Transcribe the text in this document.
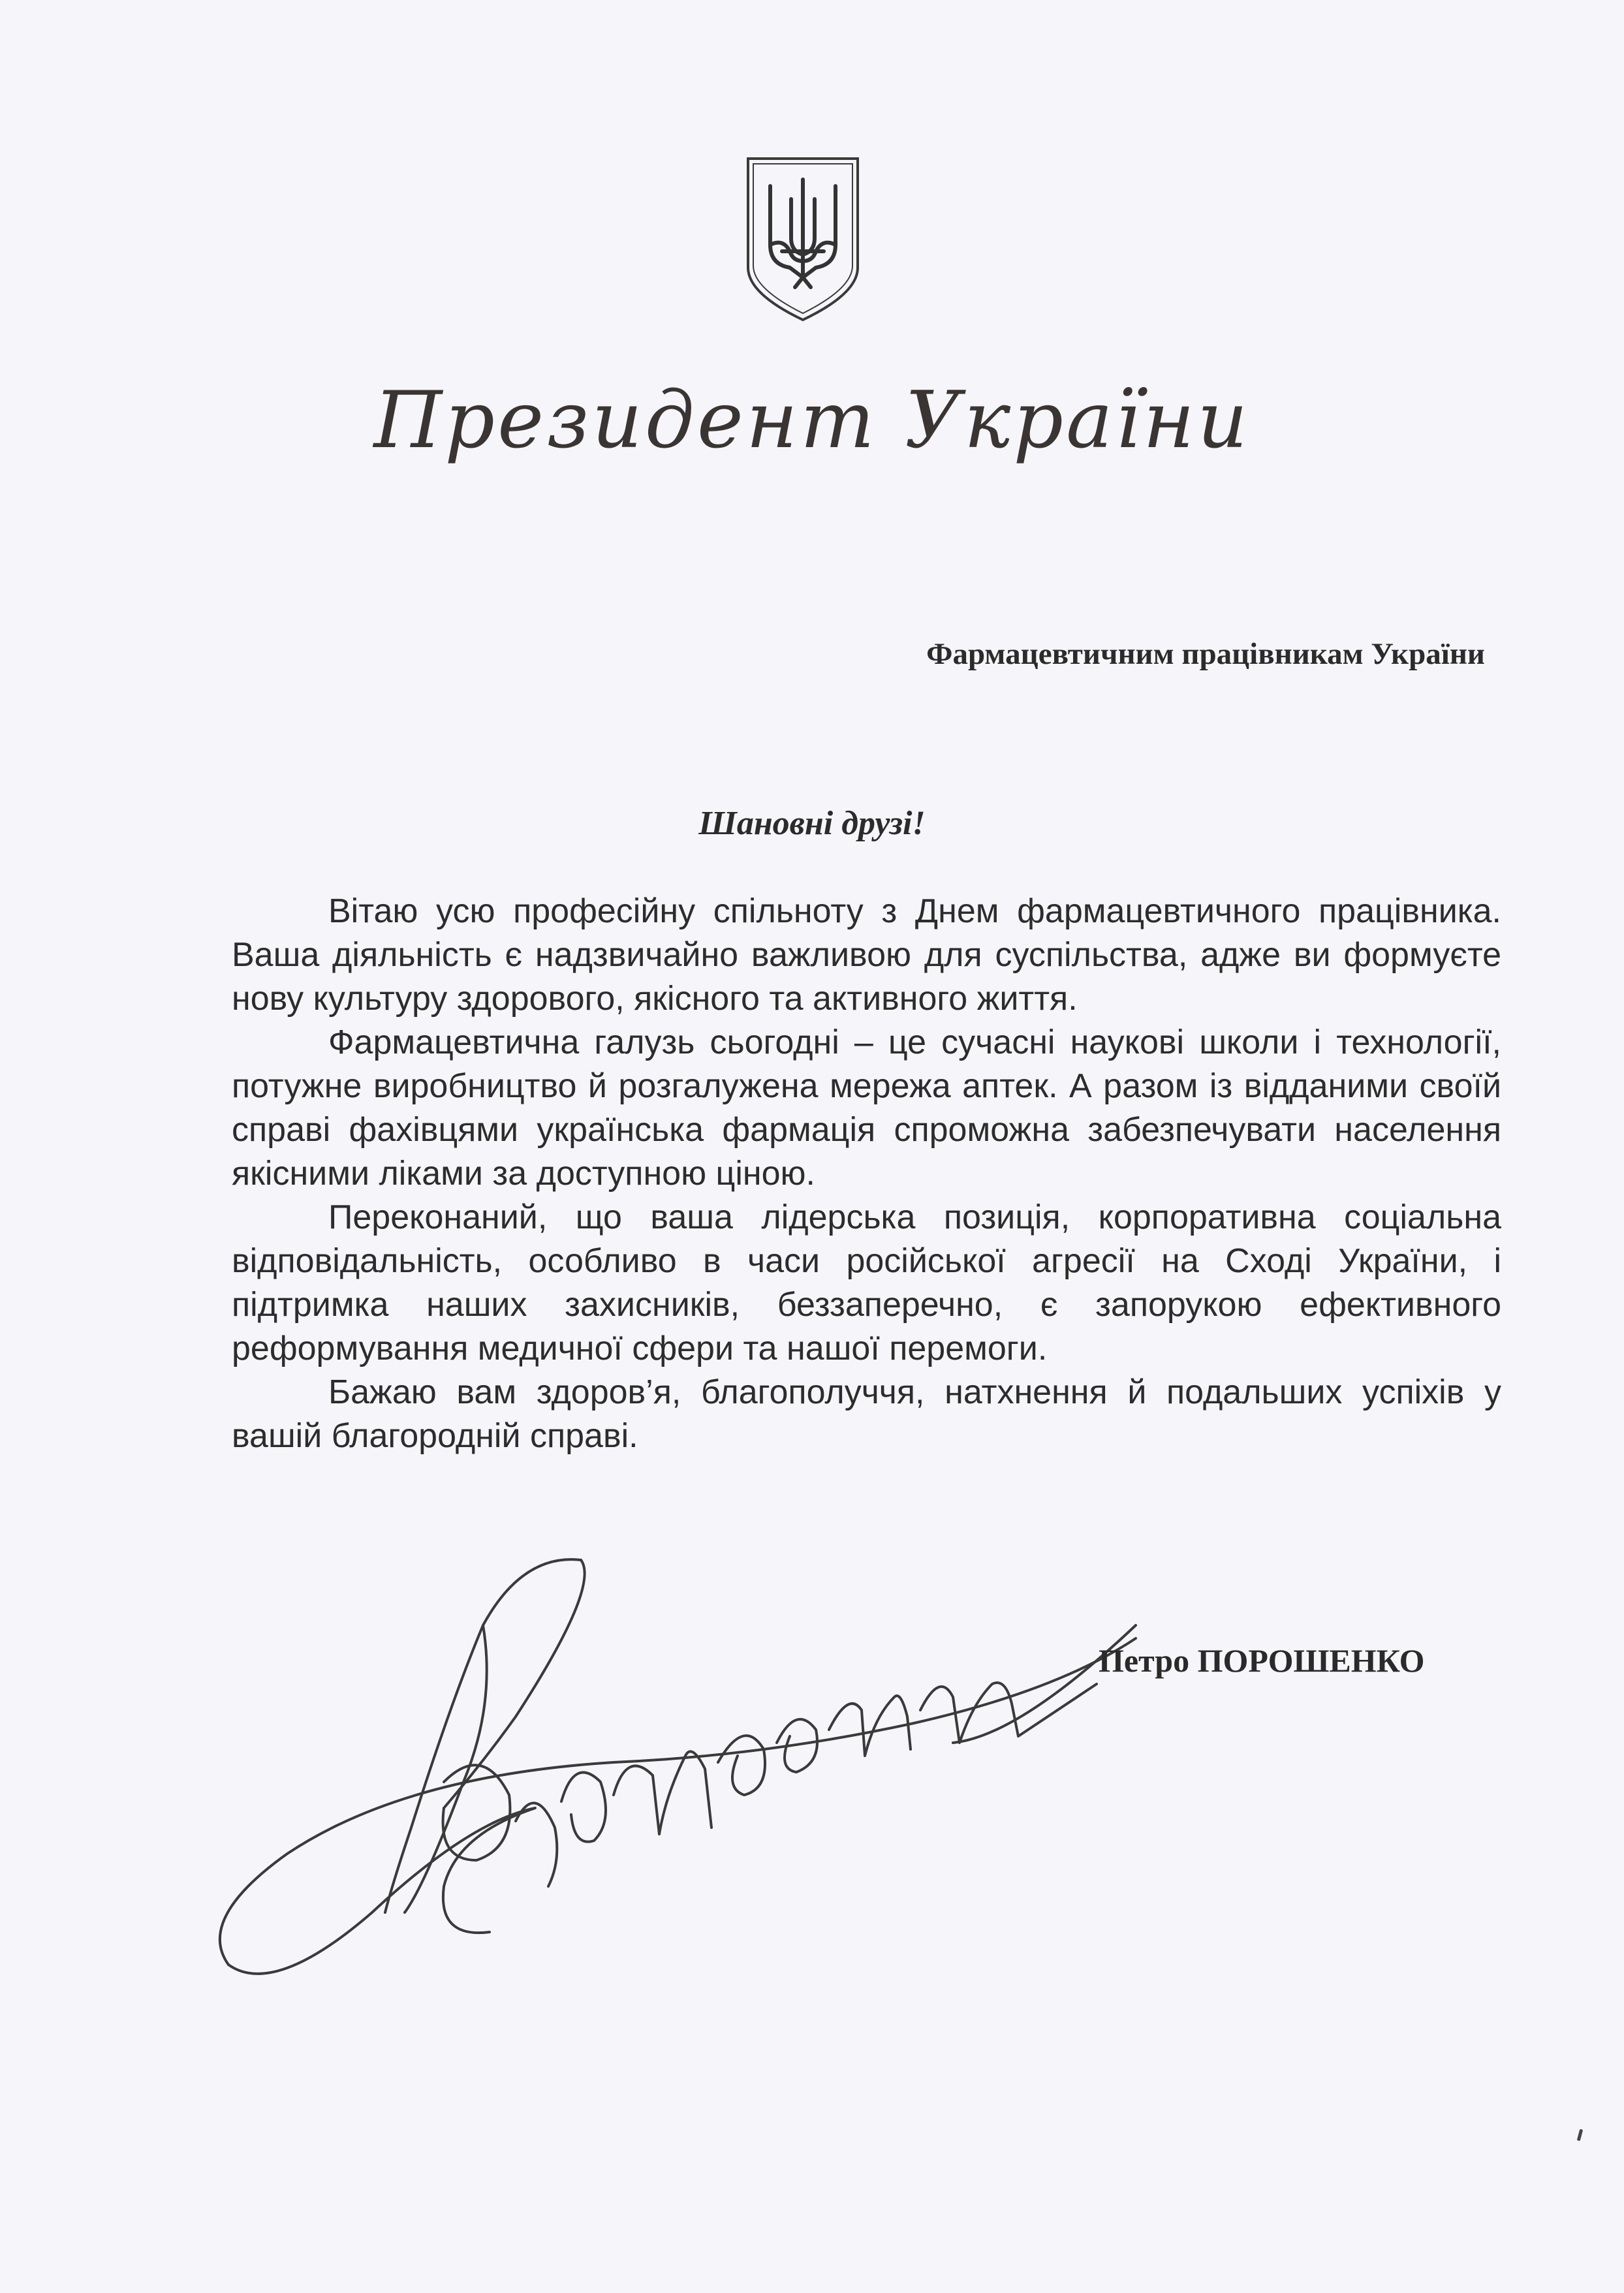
Президент України
Фармацевтичним працівникам України
Шановні друзі!

Вітаю усю професійну спільноту з Днем фармацевтичного працівника. Ваша діяльність є надзвичайно важливою для суспільства, адже ви формуєте нову культуру здорового, якісного та активного життя.

Фармацевтична галузь сьогодні – це сучасні наукові школи і технології, потужне виробництво й розгалужена мережа аптек. А разом із відданими своїй справі фахівцями українська фармація спроможна забезпечувати населення якісними ліками за доступною ціною.

Переконаний, що ваша лідерська позиція, корпоративна соціальна відповідальність, особливо в часи російської агресії на Сході України, і підтримка наших захисників, беззаперечно, є запорукою ефективного реформування медичної сфери та нашої перемоги.

Бажаю вам здоров’я, благополуччя, натхнення й подальших успіхів у вашій благородній справі.

Петро ПОРОШЕНКО
